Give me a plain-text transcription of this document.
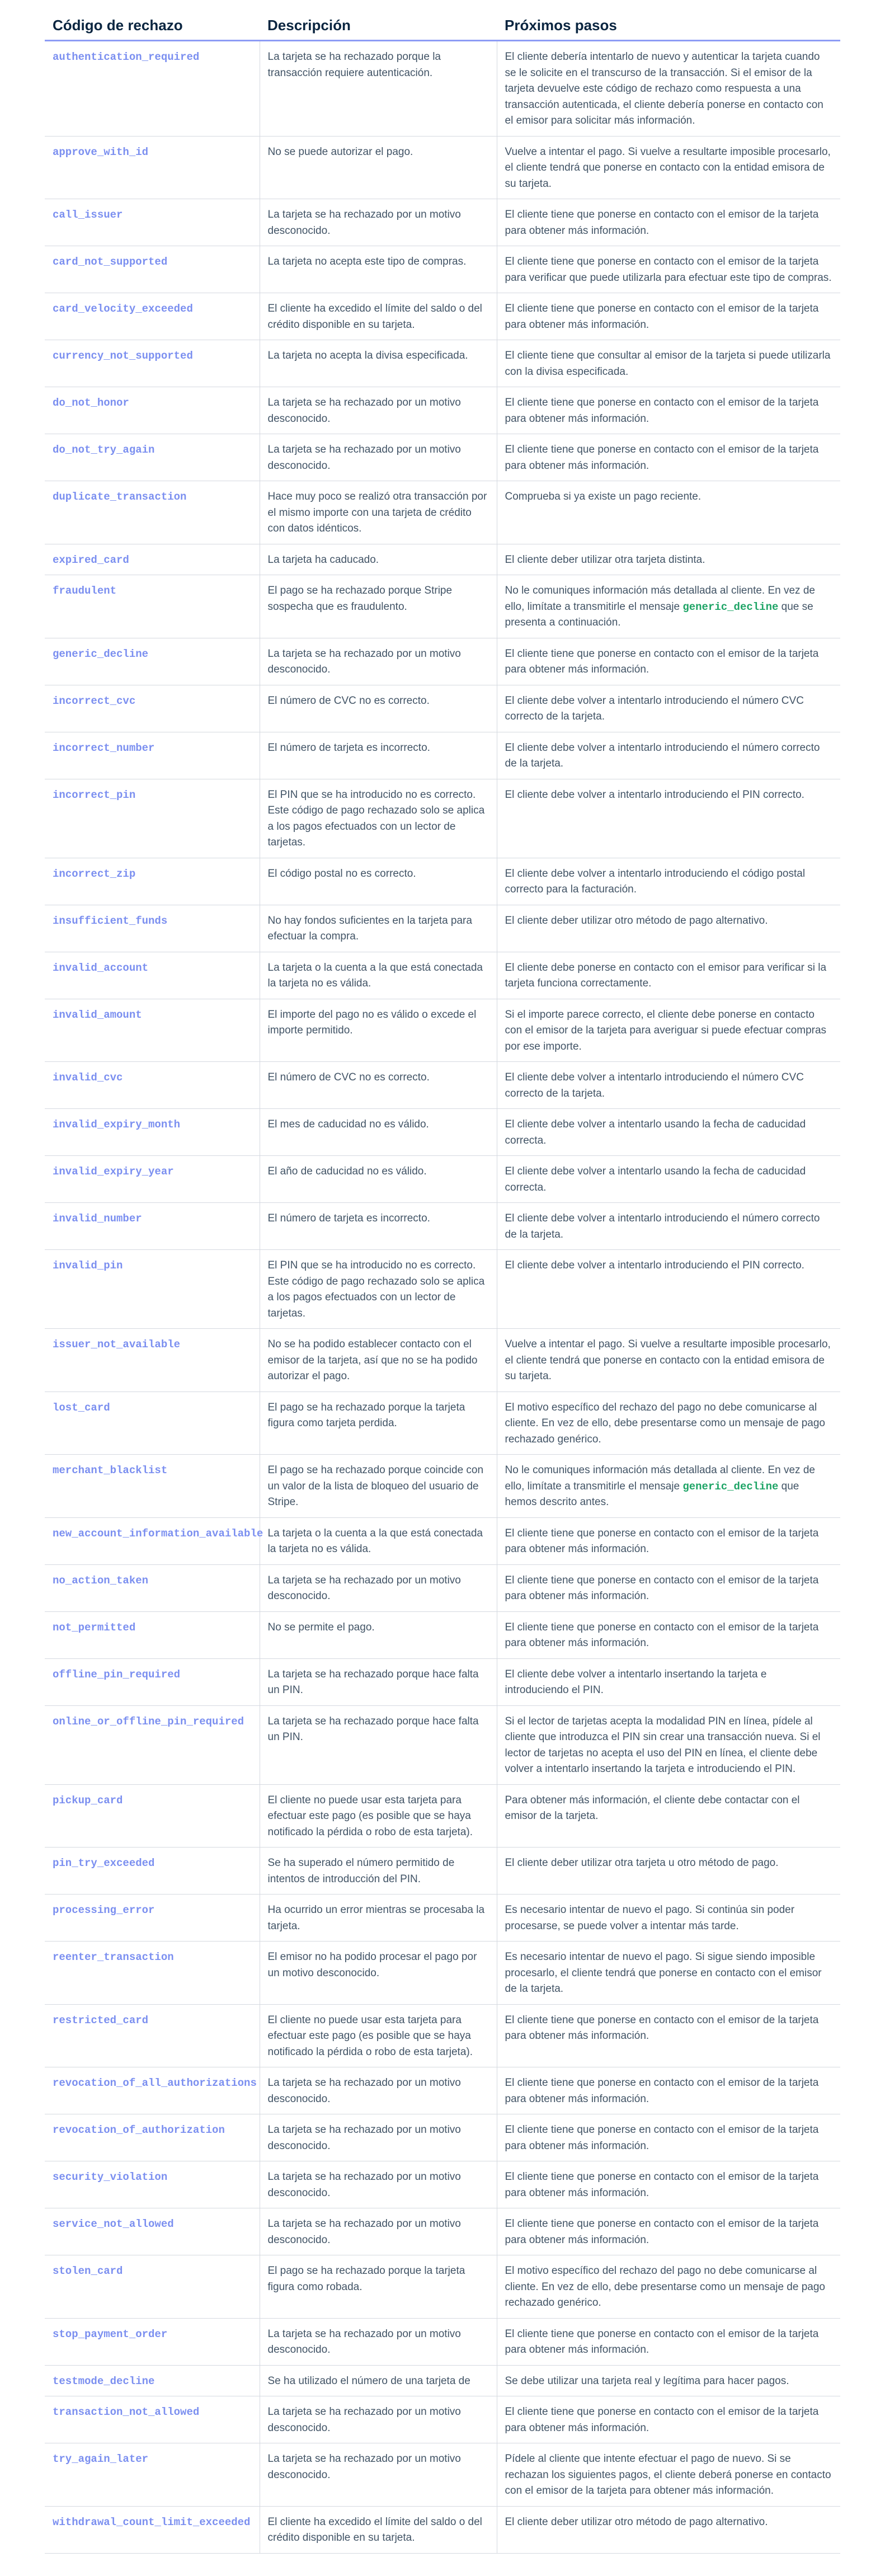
Código de rechazo	Descripción	Próximos pasos
authentication_required	La tarjeta se ha rechazado porque la transacción requiere autenticación.	El cliente debería intentarlo de nuevo y autenticar la tarjeta cuando se le solicite en el transcurso de la transacción. Si el emisor de la tarjeta devuelve este código de rechazo como respuesta a una transacción autenticada, el cliente debería ponerse en contacto con el emisor para solicitar más información.
approve_with_id	No se puede autorizar el pago.	Vuelve a intentar el pago. Si vuelve a resultarte imposible procesarlo, el cliente tendrá que ponerse en contacto con la entidad emisora de su tarjeta.
call_issuer	La tarjeta se ha rechazado por un motivo desconocido.	El cliente tiene que ponerse en contacto con el emisor de la tarjeta para obtener más información.
card_not_supported	La tarjeta no acepta este tipo de compras.	El cliente tiene que ponerse en contacto con el emisor de la tarjeta para verificar que puede utilizarla para efectuar este tipo de compras.
card_velocity_exceeded	El cliente ha excedido el límite del saldo o del crédito disponible en su tarjeta.	El cliente tiene que ponerse en contacto con el emisor de la tarjeta para obtener más información.
currency_not_supported	La tarjeta no acepta la divisa especificada.	El cliente tiene que consultar al emisor de la tarjeta si puede utilizarla con la divisa especificada.
do_not_honor	La tarjeta se ha rechazado por un motivo desconocido.	El cliente tiene que ponerse en contacto con el emisor de la tarjeta para obtener más información.
do_not_try_again	La tarjeta se ha rechazado por un motivo desconocido.	El cliente tiene que ponerse en contacto con el emisor de la tarjeta para obtener más información.
duplicate_transaction	Hace muy poco se realizó otra transacción por el mismo importe con una tarjeta de crédito con datos idénticos.	Comprueba si ya existe un pago reciente.
expired_card	La tarjeta ha caducado.	El cliente deber utilizar otra tarjeta distinta.
fraudulent	El pago se ha rechazado porque Stripe sospecha que es fraudulento.	No le comuniques información más detallada al cliente. En vez de ello, limítate a transmitirle el mensaje generic_decline que se presenta a continuación.
generic_decline	La tarjeta se ha rechazado por un motivo desconocido.	El cliente tiene que ponerse en contacto con el emisor de la tarjeta para obtener más información.
incorrect_cvc	El número de CVC no es correcto.	El cliente debe volver a intentarlo introduciendo el número CVC correcto de la tarjeta.
incorrect_number	El número de tarjeta es incorrecto.	El cliente debe volver a intentarlo introduciendo el número correcto de la tarjeta.
incorrect_pin	El PIN que se ha introducido no es correcto. Este código de pago rechazado solo se aplica a los pagos efectuados con un lector de tarjetas.	El cliente debe volver a intentarlo introduciendo el PIN correcto.
incorrect_zip	El código postal no es correcto.	El cliente debe volver a intentarlo introduciendo el código postal correcto para la facturación.
insufficient_funds	No hay fondos suficientes en la tarjeta para efectuar la compra.	El cliente deber utilizar otro método de pago alternativo.
invalid_account	La tarjeta o la cuenta a la que está conectada la tarjeta no es válida.	El cliente debe ponerse en contacto con el emisor para verificar si la tarjeta funciona correctamente.
invalid_amount	El importe del pago no es válido o excede el importe permitido.	Si el importe parece correcto, el cliente debe ponerse en contacto con el emisor de la tarjeta para averiguar si puede efectuar compras por ese importe.
invalid_cvc	El número de CVC no es correcto.	El cliente debe volver a intentarlo introduciendo el número CVC correcto de la tarjeta.
invalid_expiry_month	El mes de caducidad no es válido.	El cliente debe volver a intentarlo usando la fecha de caducidad correcta.
invalid_expiry_year	El año de caducidad no es válido.	El cliente debe volver a intentarlo usando la fecha de caducidad correcta.
invalid_number	El número de tarjeta es incorrecto.	El cliente debe volver a intentarlo introduciendo el número correcto de la tarjeta.
invalid_pin	El PIN que se ha introducido no es correcto. Este código de pago rechazado solo se aplica a los pagos efectuados con un lector de tarjetas.	El cliente debe volver a intentarlo introduciendo el PIN correcto.
issuer_not_available	No se ha podido establecer contacto con el emisor de la tarjeta, así que no se ha podido autorizar el pago.	Vuelve a intentar el pago. Si vuelve a resultarte imposible procesarlo, el cliente tendrá que ponerse en contacto con la entidad emisora de su tarjeta.
lost_card	El pago se ha rechazado porque la tarjeta figura como tarjeta perdida.	El motivo específico del rechazo del pago no debe comunicarse al cliente. En vez de ello, debe presentarse como un mensaje de pago rechazado genérico.
merchant_blacklist	El pago se ha rechazado porque coincide con un valor de la lista de bloqueo del usuario de Stripe.	No le comuniques información más detallada al cliente. En vez de ello, limítate a transmitirle el mensaje generic_decline que hemos descrito antes.
new_account_information_available	La tarjeta o la cuenta a la que está conectada la tarjeta no es válida.	El cliente tiene que ponerse en contacto con el emisor de la tarjeta para obtener más información.
no_action_taken	La tarjeta se ha rechazado por un motivo desconocido.	El cliente tiene que ponerse en contacto con el emisor de la tarjeta para obtener más información.
not_permitted	No se permite el pago.	El cliente tiene que ponerse en contacto con el emisor de la tarjeta para obtener más información.
offline_pin_required	La tarjeta se ha rechazado porque hace falta un PIN.	El cliente debe volver a intentarlo insertando la tarjeta e introduciendo el PIN.
online_or_offline_pin_required	La tarjeta se ha rechazado porque hace falta un PIN.	Si el lector de tarjetas acepta la modalidad PIN en línea, pídele al cliente que introduzca el PIN sin crear una transacción nueva. Si el lector de tarjetas no acepta el uso del PIN en línea, el cliente debe volver a intentarlo insertando la tarjeta e introduciendo el PIN.
pickup_card	El cliente no puede usar esta tarjeta para efectuar este pago (es posible que se haya notificado la pérdida o robo de esta tarjeta).	Para obtener más información, el cliente debe contactar con el emisor de la tarjeta.
pin_try_exceeded	Se ha superado el número permitido de intentos de introducción del PIN.	El cliente deber utilizar otra tarjeta u otro método de pago.
processing_error	Ha ocurrido un error mientras se procesaba la tarjeta.	Es necesario intentar de nuevo el pago. Si continúa sin poder procesarse, se puede volver a intentar más tarde.
reenter_transaction	El emisor no ha podido procesar el pago por un motivo desconocido.	Es necesario intentar de nuevo el pago. Si sigue siendo imposible procesarlo, el cliente tendrá que ponerse en contacto con el emisor de la tarjeta.
restricted_card	El cliente no puede usar esta tarjeta para efectuar este pago (es posible que se haya notificado la pérdida o robo de esta tarjeta).	El cliente tiene que ponerse en contacto con el emisor de la tarjeta para obtener más información.
revocation_of_all_authorizations	La tarjeta se ha rechazado por un motivo desconocido.	El cliente tiene que ponerse en contacto con el emisor de la tarjeta para obtener más información.
revocation_of_authorization	La tarjeta se ha rechazado por un motivo desconocido.	El cliente tiene que ponerse en contacto con el emisor de la tarjeta para obtener más información.
security_violation	La tarjeta se ha rechazado por un motivo desconocido.	El cliente tiene que ponerse en contacto con el emisor de la tarjeta para obtener más información.
service_not_allowed	La tarjeta se ha rechazado por un motivo desconocido.	El cliente tiene que ponerse en contacto con el emisor de la tarjeta para obtener más información.
stolen_card	El pago se ha rechazado porque la tarjeta figura como robada.	El motivo específico del rechazo del pago no debe comunicarse al cliente. En vez de ello, debe presentarse como un mensaje de pago rechazado genérico.
stop_payment_order	La tarjeta se ha rechazado por un motivo desconocido.	El cliente tiene que ponerse en contacto con el emisor de la tarjeta para obtener más información.
testmode_decline	Se ha utilizado el número de una tarjeta de	Se debe utilizar una tarjeta real y legítima para hacer pagos.
transaction_not_allowed	La tarjeta se ha rechazado por un motivo desconocido.	El cliente tiene que ponerse en contacto con el emisor de la tarjeta para obtener más información.
try_again_later	La tarjeta se ha rechazado por un motivo desconocido.	Pídele al cliente que intente efectuar el pago de nuevo. Si se rechazan los siguientes pagos, el cliente deberá ponerse en contacto con el emisor de la tarjeta para obtener más información.
withdrawal_count_limit_exceeded	El cliente ha excedido el límite del saldo o del crédito disponible en su tarjeta.	El cliente deber utilizar otro método de pago alternativo.
